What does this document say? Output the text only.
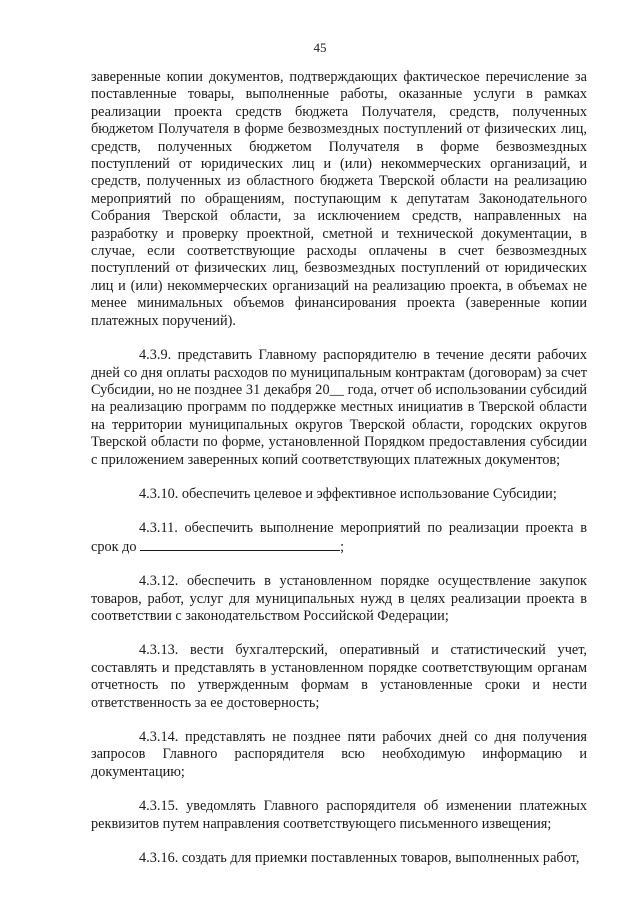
45

заверенные копии документов, подтверждающих фактическое перечисление за поставленные товары, выполненные работы, оказанные услуги в рамках реализации проекта средств бюджета Получателя, средств, полученных бюджетом Получателя в форме безвозмездных поступлений от физических лиц, средств, полученных бюджетом Получателя в форме безвозмездных поступлений от юридических лиц и (или) некоммерческих организаций, и средств, полученных из областного бюджета Тверской области на реализацию мероприятий по обращениям, поступающим к депутатам Законодательного Собрания Тверской области, за исключением средств, направленных на разработку и проверку проектной, сметной и технической документации, в случае, если соответствующие расходы оплачены в счет безвозмездных поступлений от физических лиц, безвозмездных поступлений от юридических лиц и (или) некоммерческих организаций на реализацию проекта, в объемах не менее минимальных объемов финансирования проекта (заверенные копии платежных поручений).

4.3.9. представить Главному распорядителю в течение десяти рабочих дней со дня оплаты расходов по муниципальным контрактам (договорам) за счет Субсидии, но не позднее 31 декабря 20__ года, отчет об использовании субсидий на реализацию программ по поддержке местных инициатив в Тверской области на территории муниципальных округов Тверской области, городских округов Тверской области по форме, установленной Порядком предоставления субсидии с приложением заверенных копий соответствующих платежных документов;

4.3.10. обеспечить целевое и эффективное использование Субсидии;

4.3.11. обеспечить выполнение мероприятий по реализации проекта в срок до	;

4.3.12. обеспечить в установленном порядке осуществление закупок товаров, работ, услуг для муниципальных нужд в целях реализации проекта в соответствии с законодательством Российской Федерации;

4.3.13. вести бухгалтерский, оперативный и статистический учет, составлять и представлять в установленном порядке соответствующим органам отчетность по утвержденным формам в установленные сроки и нести ответственность за ее достоверность;

4.3.14. представлять не позднее пяти рабочих дней со дня получения запросов Главного распорядителя всю необходимую информацию и документацию;

4.3.15. уведомлять Главного распорядителя об изменении платежных реквизитов путем направления соответствующего письменного извещения;

4.3.16. создать для приемки поставленных товаров, выполненных работ,
